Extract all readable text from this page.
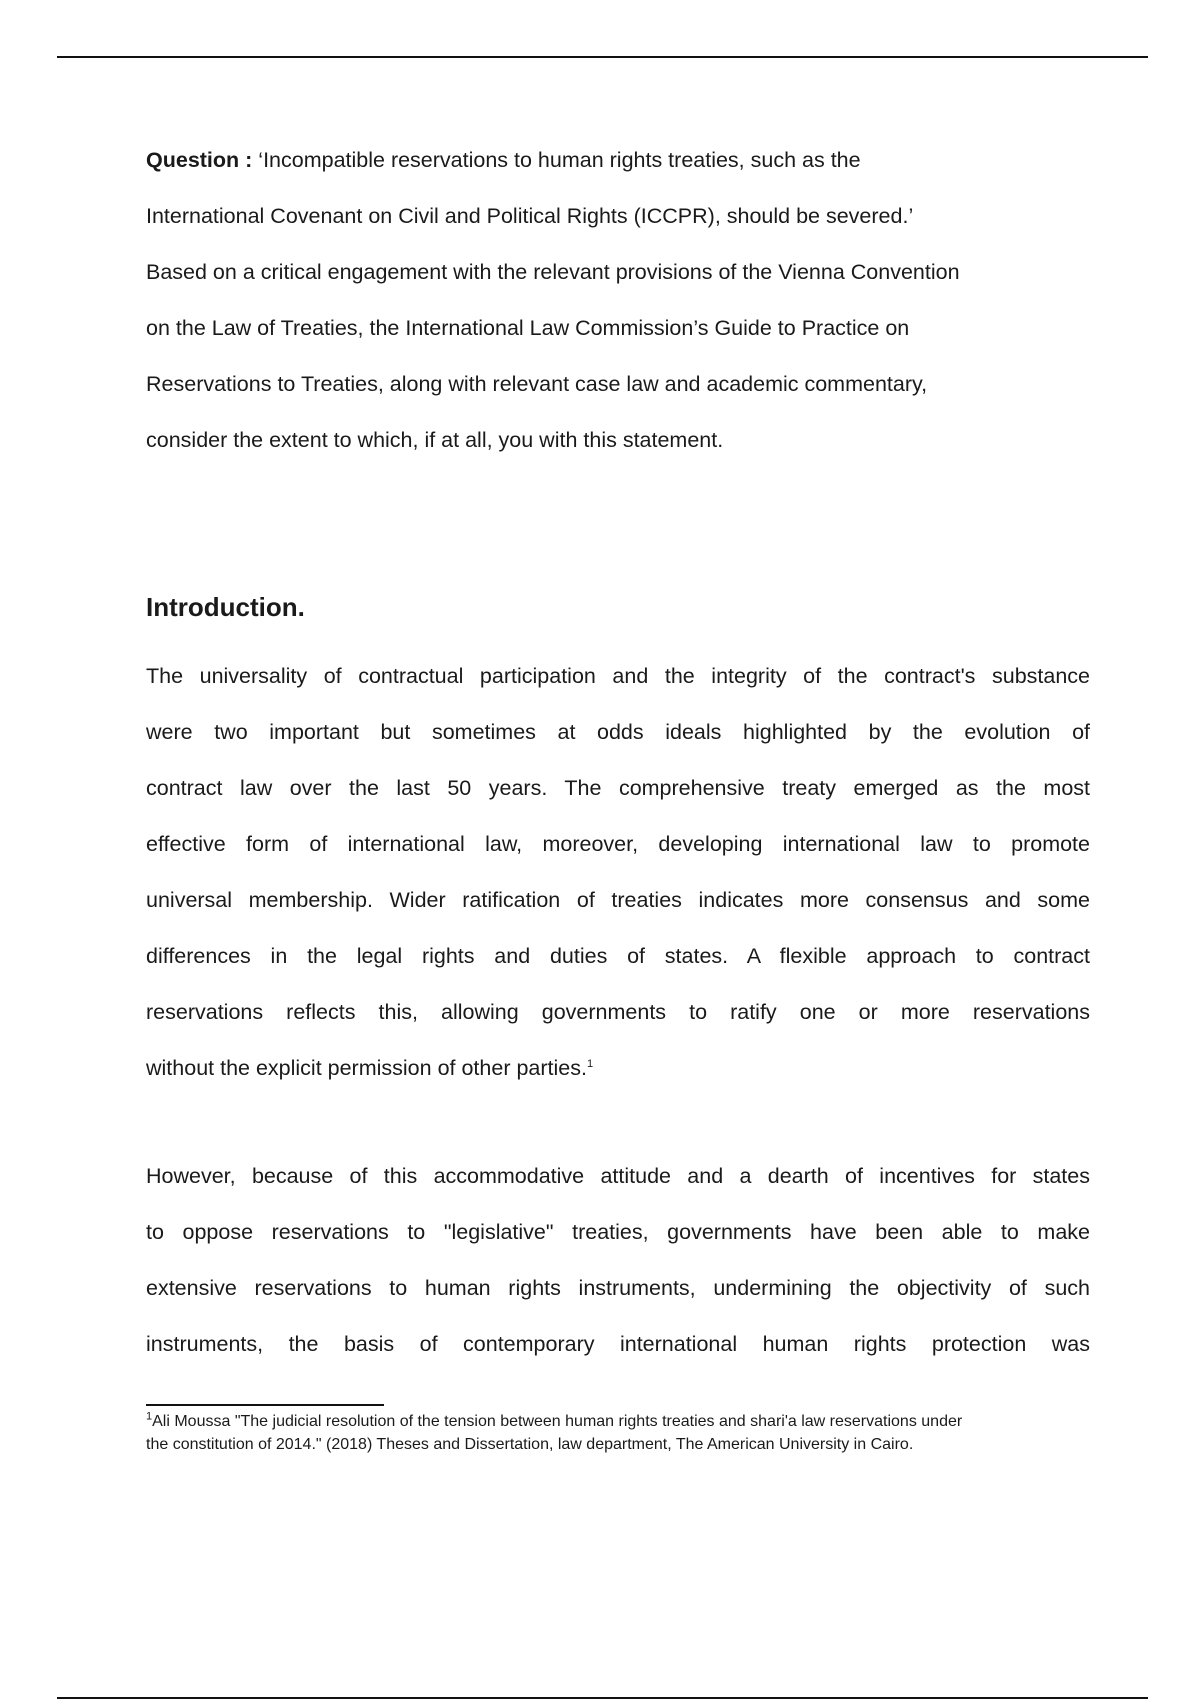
Question : ‘Incompatible reservations to human rights treaties, such as the
International Covenant on Civil and Political Rights (ICCPR), should be severed.’
Based on a critical engagement with the relevant provisions of the Vienna Convention
on the Law of Treaties, the International Law Commission’s Guide to Practice on
Reservations to Treaties, along with relevant case law and academic commentary,
consider the extent to which, if at all, you with this statement.
Introduction.
The universality of contractual participation and the integrity of the contract's substance
were two important but sometimes at odds ideals highlighted by the evolution of
contract law over the last 50 years. The comprehensive treaty emerged as the most
effective form of international law, moreover, developing international law to promote
universal membership. Wider ratification of treaties indicates more consensus and some
differences in the legal rights and duties of states. A flexible approach to contract
reservations reflects this, allowing governments to ratify one or more reservations
without the explicit permission of other parties.$^1$
However, because of this accommodative attitude and a dearth of incentives for states
to oppose reservations to "legislative" treaties, governments have been able to make
extensive reservations to human rights instruments, undermining the objectivity of such
instruments, the basis of contemporary international human rights protection was
$^1$Ali Moussa "The judicial resolution of the tension between human rights treaties and shari'a law reservations under
the constitution of 2014." (2018) Theses and Dissertation, law department, The American University in Cairo.
